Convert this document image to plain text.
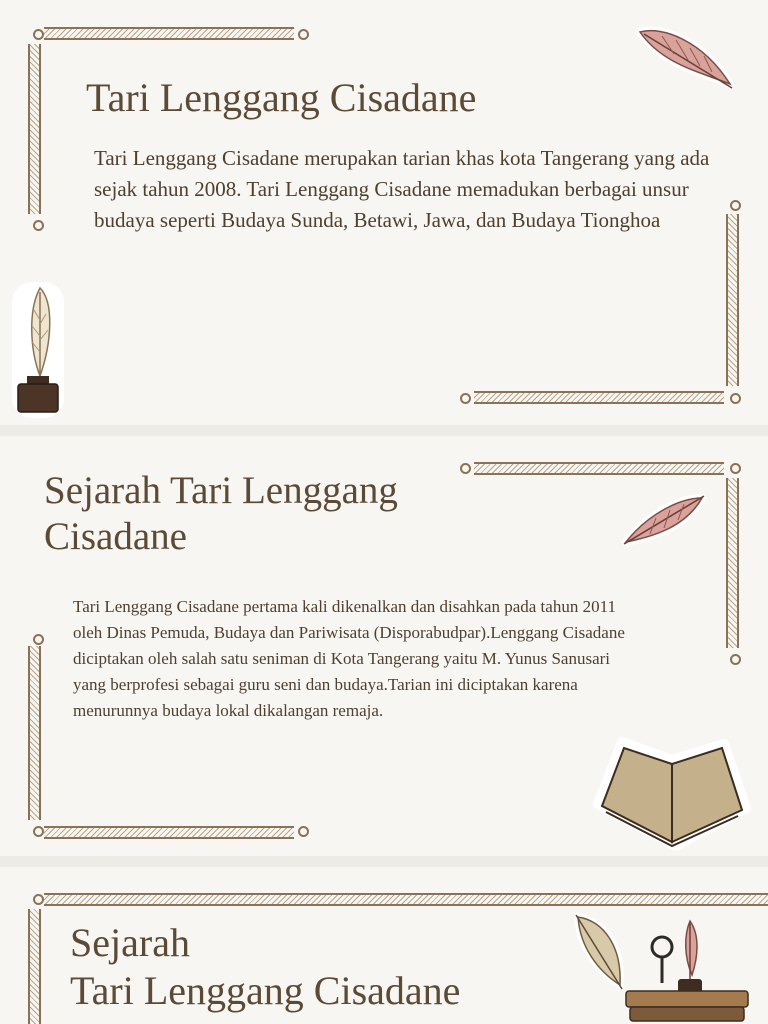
Tari Lenggang Cisadane

Tari Lenggang Cisadane merupakan tarian khas kota Tangerang yang ada sejak tahun 2008. Tari Lenggang Cisadane memadukan berbagai unsur budaya seperti Budaya Sunda, Betawi, Jawa, dan Budaya Tionghoa

Sejarah Tari Lenggang Cisadane

Tari Lenggang Cisadane pertama kali dikenalkan dan disahkan pada tahun 2011 oleh Dinas Pemuda, Budaya dan Pariwisata (Disporabudpar).Lenggang Cisadane diciptakan oleh salah satu seniman di Kota Tangerang yaitu M. Yunus Sanusari yang berprofesi sebagai guru seni dan budaya.Tarian ini diciptakan karena menurunnya budaya lokal dikalangan remaja.

Sejarah
Tari Lenggang Cisadane
